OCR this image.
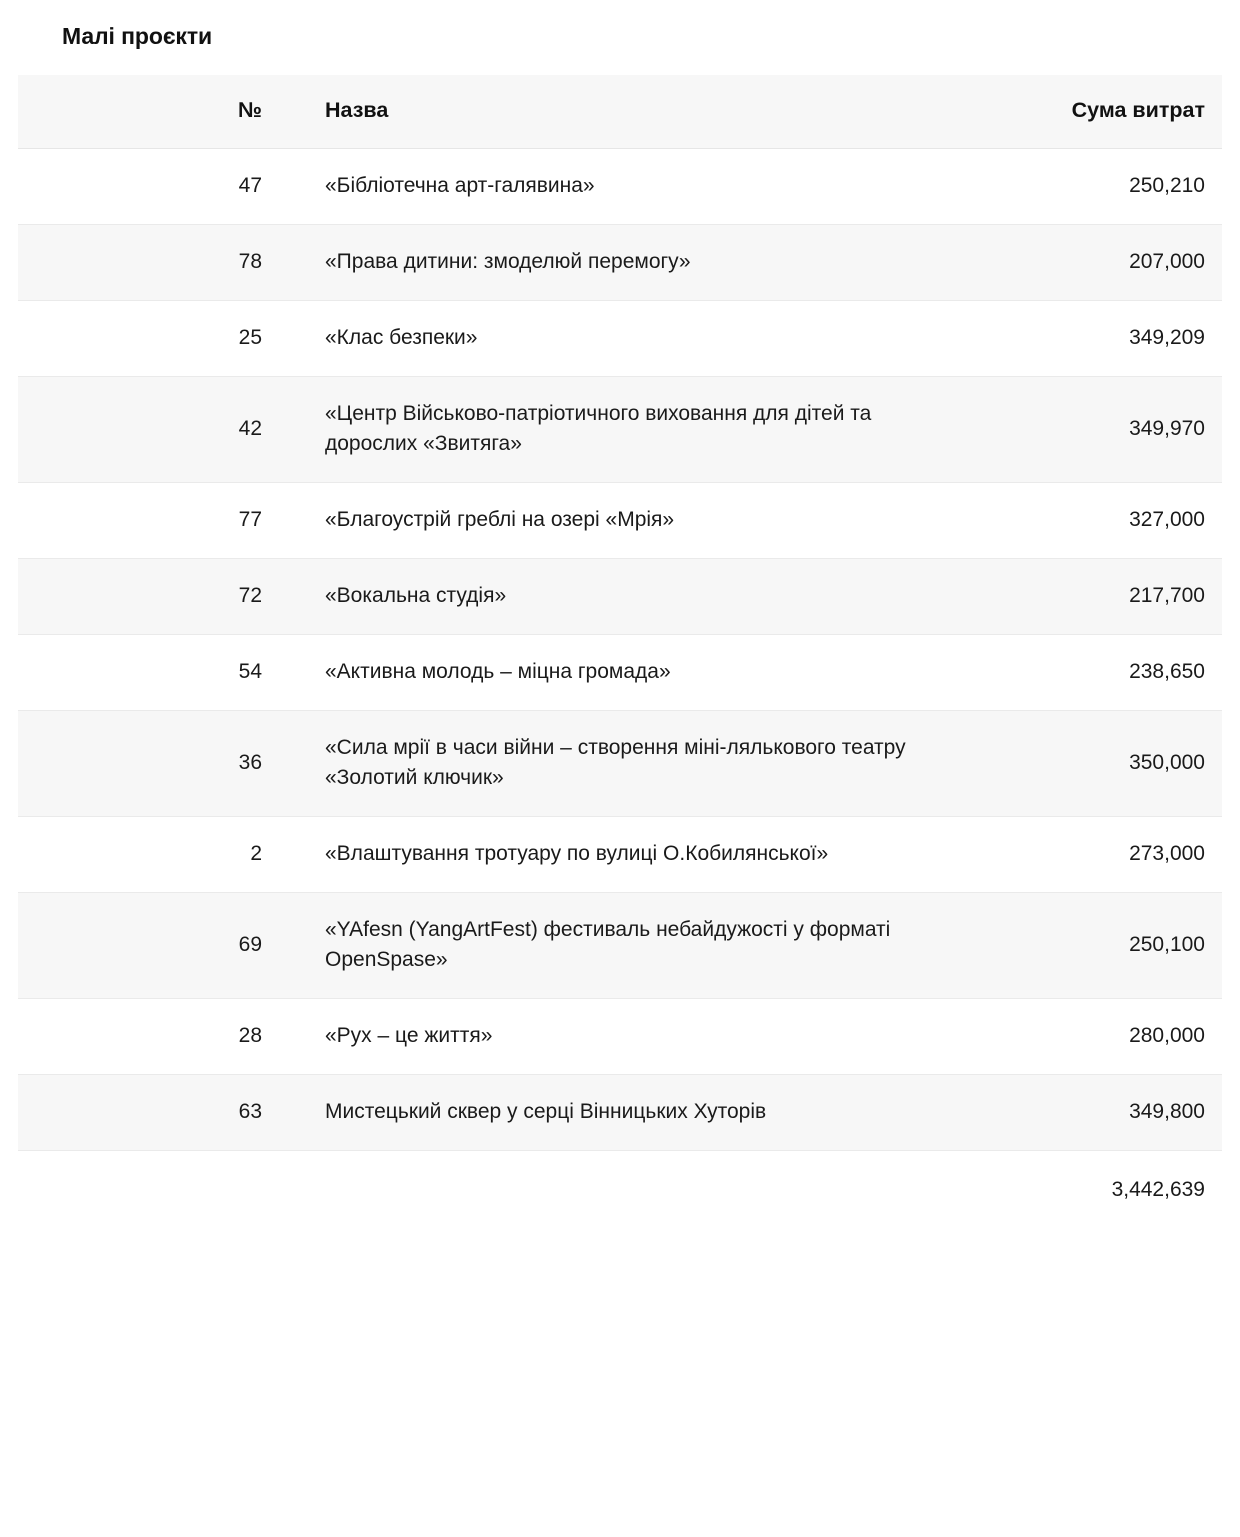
Малі проєкти
	№	Назва	Сума витрат
	47	«Бібліотечна арт-галявина»	250,210
	78	«Права дитини: змоделюй перемогу»	207,000
	25	«Клас безпеки»	349,209
	42	«Центр Військово-патріотичного виховання для дітей та дорослих «Звитяга»	349,970
	77	«Благоустрій греблі на озері «Мрія»	327,000
	72	«Вокальна студія»	217,700
	54	«Активна молодь – міцна громада»	238,650
	36	«Сила мрії в часи війни – створення міні-лялькового театру «Золотий ключик»	350,000
	2	«Влаштування тротуару по вулиці О.Кобилянської»	273,000
	69	«YAfesn (YangArtFest) фестиваль небайдужості у форматі OpenSpase»	250,100
	28	«Рух – це життя»	280,000
	63	Мистецький сквер у серці Вінницьких Хуторів	349,800
			3,442,639
